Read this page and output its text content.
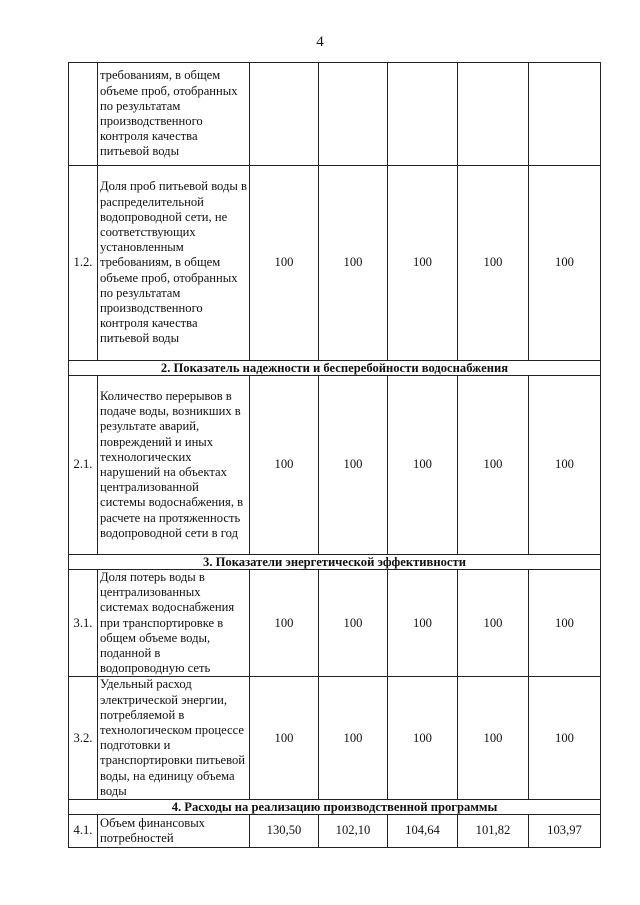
4
	требованиям, в общем объеме проб, отобранных по результатам производственного контроля качества питьевой воды					
1.2.	Доля проб питьевой воды в распределительной водопроводной сети, не соответствующих установленным требованиям, в общем объеме проб, отобранных по результатам производственного контроля качества питьевой воды	100	100	100	100	100
2. Показатель надежности и бесперебойности водоснабжения						
2.1.	Количество перерывов в подаче воды, возникших в результате аварий, повреждений и иных технологических нарушений на объектах централизованной системы водоснабжения, в расчете на протяженность водопроводной сети в год	100	100	100	100	100
3. Показатели энергетической эффективности						
3.1.	Доля потерь воды в централизованных системах водоснабжения при транспортировке в общем объеме воды, поданной в водопроводную сеть	100	100	100	100	100
3.2.	Удельный расход электрической энергии, потребляемой в технологическом процессе подготовки и транспортировки питьевой воды, на единицу объема воды	100	100	100	100	100
4. Расходы на реализацию производственной программы						
4.1.	Объем финансовых потребностей	130,50	102,10	104,64	101,82	103,97
